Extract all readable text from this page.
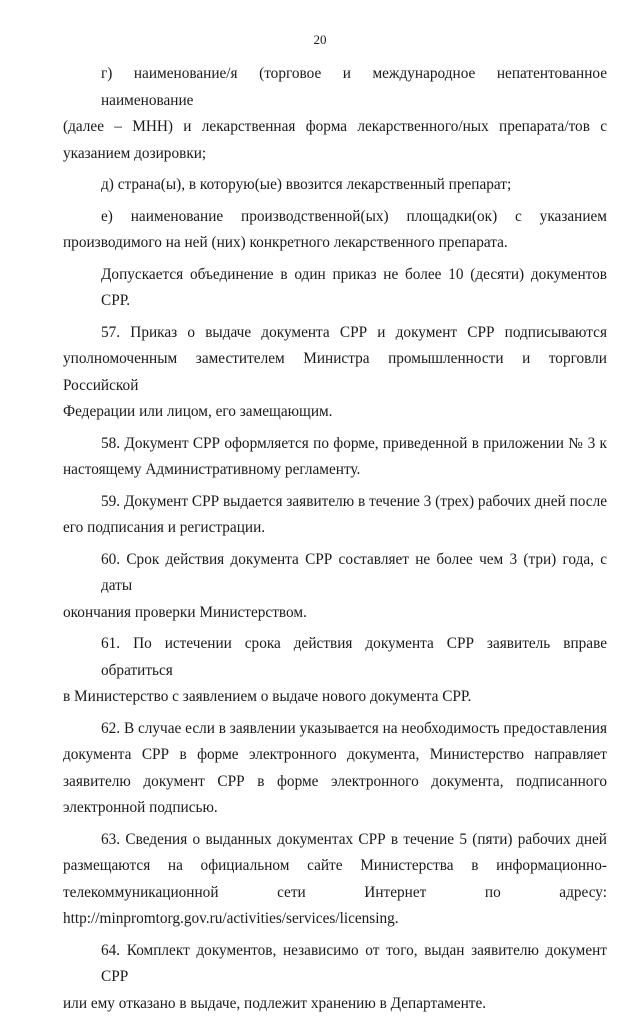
20

г) наименование/я (торговое и международное непатентованное наименование
(далее – МНН) и лекарственная форма лекарственного/ных препарата/тов с
указанием дозировки;

д) страна(ы), в которую(ые) ввозится лекарственный препарат;

е) наименование производственной(ых) площадки(ок) с указанием
производимого на ней (них) конкретного лекарственного препарата.

Допускается объединение в один приказ не более 10 (десяти) документов СРР.

57. Приказ о выдаче документа СРР и документ СРР подписываются
уполномоченным заместителем Министра промышленности и торговли Российской
Федерации или лицом, его замещающим.

58. Документ СРР оформляется по форме, приведенной в приложении № 3 к
настоящему Административному регламенту.

59. Документ СРР выдается заявителю в течение 3 (трех) рабочих дней после
его подписания и регистрации.

60. Срок действия документа СРР составляет не более чем 3 (три) года, с даты
окончания проверки Министерством.

61. По истечении срока действия документа СРР заявитель вправе обратиться
в Министерство с заявлением о выдаче нового документа СРР.

62. В случае если в заявлении указывается на необходимость предоставления
документа СРР в форме электронного документа, Министерство направляет
заявителю документ СРР в форме электронного документа, подписанного
электронной подписью.

63. Сведения о выданных документах СРР в течение 5 (пяти) рабочих дней
размещаются на официальном сайте Министерства в информационно-
телекоммуникационной сети Интернет по адресу:
http://minpromtorg.gov.ru/activities/services/licensing.

64. Комплект документов, независимо от того, выдан заявителю документ СРР
или ему отказано в выдаче, подлежит хранению в Департаменте.
